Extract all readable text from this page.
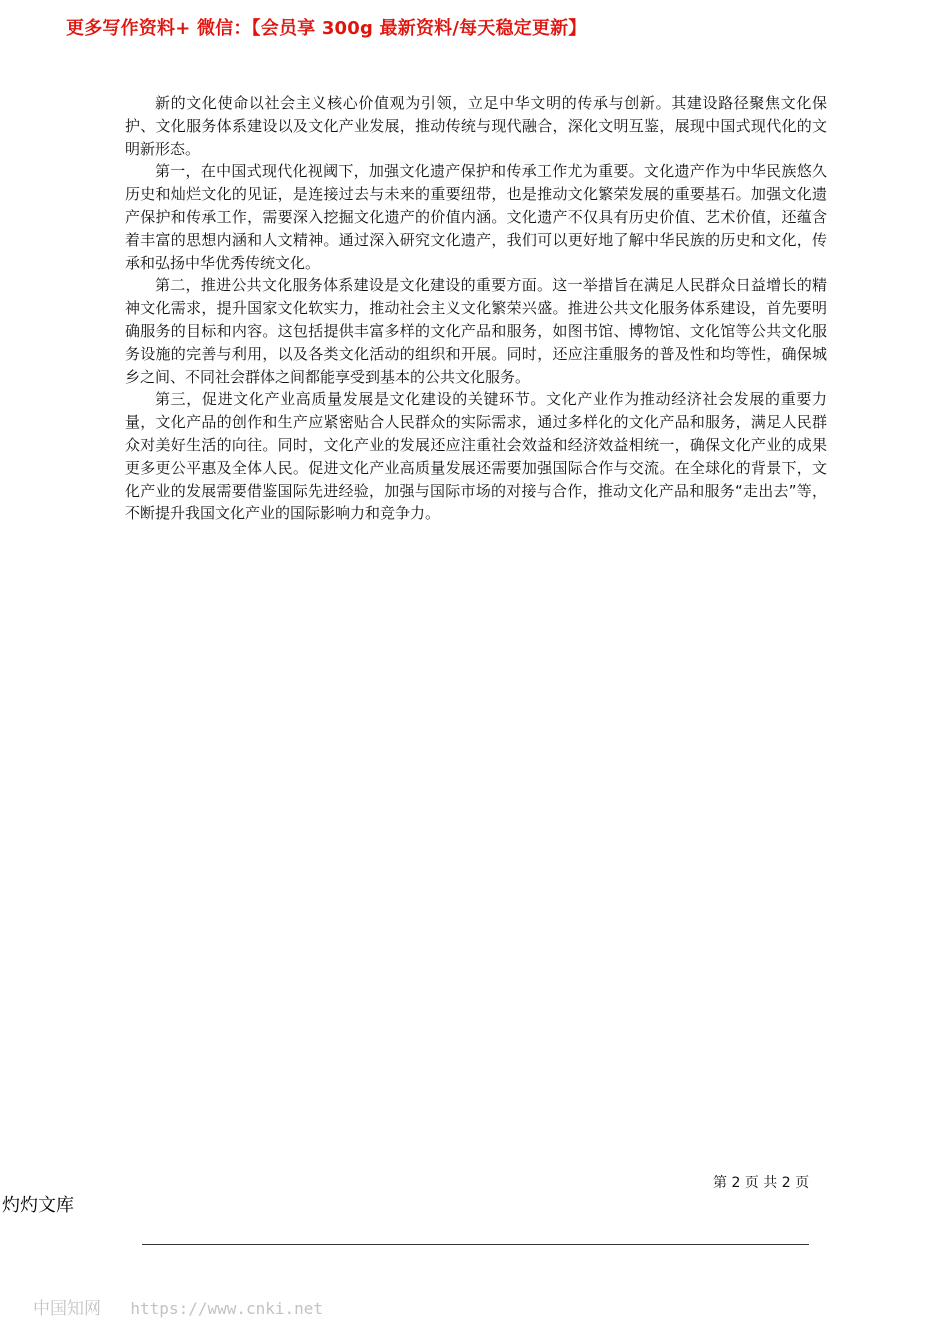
更多写作资料+ 微信：【会员享 300g 最新资料/每天稳定更新】

新的文化使命以社会主义核心价值观为引领，立足中华文明的传承与创新。其建设路径聚焦文化保护、文化服务体系建设以及文化产业发展，推动传统与现代融合，深化文明互鉴，展现中国式现代化的文明新形态。

第一，在中国式现代化视阈下，加强文化遗产保护和传承工作尤为重要。文化遗产作为中华民族悠久历史和灿烂文化的见证，是连接过去与未来的重要纽带，也是推动文化繁荣发展的重要基石。加强文化遗产保护和传承工作，需要深入挖掘文化遗产的价值内涵。文化遗产不仅具有历史价值、艺术价值，还蕴含着丰富的思想内涵和人文精神。通过深入研究文化遗产，我们可以更好地了解中华民族的历史和文化，传承和弘扬中华优秀传统文化。

第二，推进公共文化服务体系建设是文化建设的重要方面。这一举措旨在满足人民群众日益增长的精神文化需求，提升国家文化软实力，推动社会主义文化繁荣兴盛。推进公共文化服务体系建设，首先要明确服务的目标和内容。这包括提供丰富多样的文化产品和服务，如图书馆、博物馆、文化馆等公共文化服务设施的完善与利用，以及各类文化活动的组织和开展。同时，还应注重服务的普及性和均等性，确保城乡之间、不同社会群体之间都能享受到基本的公共文化服务。

第三，促进文化产业高质量发展是文化建设的关键环节。文化产业作为推动经济社会发展的重要力量，文化产品的创作和生产应紧密贴合人民群众的实际需求，通过多样化的文化产品和服务，满足人民群众对美好生活的向往。同时，文化产业的发展还应注重社会效益和经济效益相统一，确保文化产业的成果更多更公平惠及全体人民。促进文化产业高质量发展还需要加强国际合作与交流。在全球化的背景下，文化产业的发展需要借鉴国际先进经验，加强与国际市场的对接与合作，推动文化产品和服务“走出去”等，不断提升我国文化产业的国际影响力和竞争力。

第 2 页 共 2 页
灼灼文库
中国知网 https://www.cnki.net
